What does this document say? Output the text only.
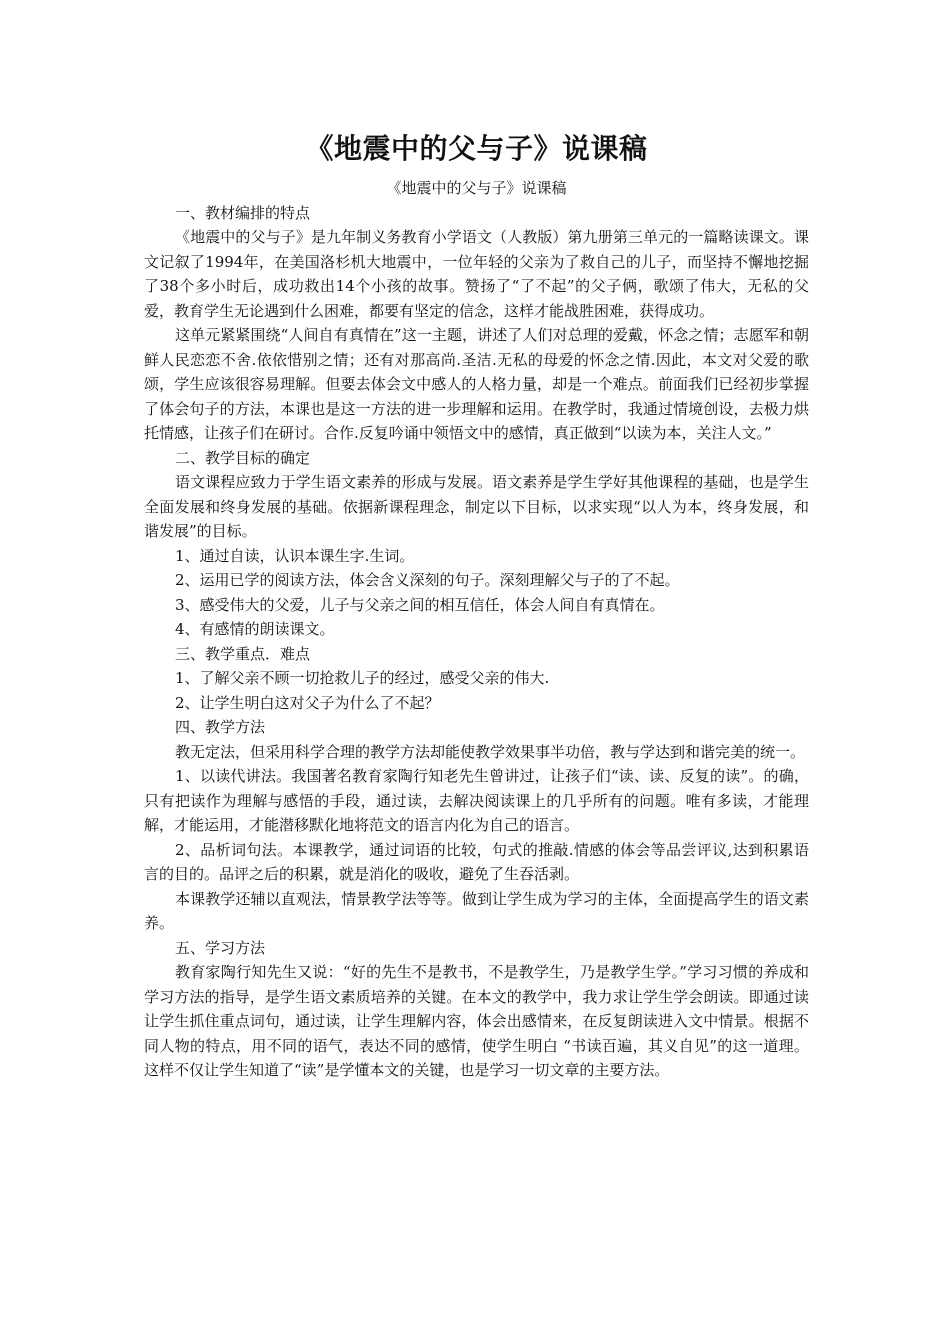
《地震中的父与子》说课稿

《地震中的父与子》说课稿

一、教材编排的特点

《地震中的父与子》是九年制义务教育小学语文（人教版）第九册第三单元的一篇略读课文。课文记叙了1994年，在美国洛杉机大地震中，一位年轻的父亲为了救自己的儿子，而坚持不懈地挖掘了38个多小时后，成功救出14个小孩的故事。赞扬了“了不起”的父子俩，歌颂了伟大，无私的父爱，教育学生无论遇到什么困难，都要有坚定的信念，这样才能战胜困难，获得成功。

这单元紧紧围绕“人间自有真情在”这一主题，讲述了人们对总理的爱戴，怀念之情；志愿军和朝鲜人民恋恋不舍.依依惜别之情；还有对那高尚.圣洁.无私的母爱的怀念之情.因此，本文对父爱的歌颂，学生应该很容易理解。但要去体会文中感人的人格力量，却是一个难点。前面我们已经初步掌握了体会句子的方法，本课也是这一方法的进一步理解和运用。在教学时，我通过情境创设，去极力烘托情感，让孩子们在研讨。合作.反复吟诵中领悟文中的感情，真正做到“以读为本，关注人文。”

二、教学目标的确定

语文课程应致力于学生语文素养的形成与发展。语文素养是学生学好其他课程的基础，也是学生全面发展和终身发展的基础。依据新课程理念，制定以下目标，以求实现“以人为本，终身发展，和谐发展”的目标。

1、通过自读，认识本课生字.生词。

2、运用已学的阅读方法，体会含义深刻的句子。深刻理解父与子的了不起。

3、感受伟大的父爱，儿子与父亲之间的相互信任，体会人间自有真情在。

4、有感情的朗读课文。

三、教学重点．难点

1、了解父亲不顾一切抢救儿子的经过，感受父亲的伟大.

2、让学生明白这对父子为什么了不起？

四、教学方法

教无定法，但采用科学合理的教学方法却能使教学效果事半功倍，教与学达到和谐完美的统一。

1、以读代讲法。我国著名教育家陶行知老先生曾讲过，让孩子们“读、读、反复的读”。的确，只有把读作为理解与感悟的手段，通过读，去解决阅读课上的几乎所有的问题。唯有多读，才能理解，才能运用，才能潜移默化地将范文的语言内化为自己的语言。

2、品析词句法。本课教学，通过词语的比较，句式的推敲.情感的体会等品尝评议,达到积累语言的目的。品评之后的积累，就是消化的吸收，避免了生吞活剥。

本课教学还辅以直观法，情景教学法等等。做到让学生成为学习的主体，全面提高学生的语文素养。

五、学习方法

教育家陶行知先生又说：“好的先生不是教书，不是教学生，乃是教学生学。”学习习惯的养成和学习方法的指导，是学生语文素质培养的关键。在本文的教学中，我力求让学生学会朗读。即通过读让学生抓住重点词句，通过读，让学生理解内容，体会出感情来，在反复朗读进入文中情景。根据不同人物的特点，用不同的语气，表达不同的感情，使学生明白 “书读百遍，其义自见”的这一道理。这样不仅让学生知道了“读”是学懂本文的关键，也是学习一切文章的主要方法。
